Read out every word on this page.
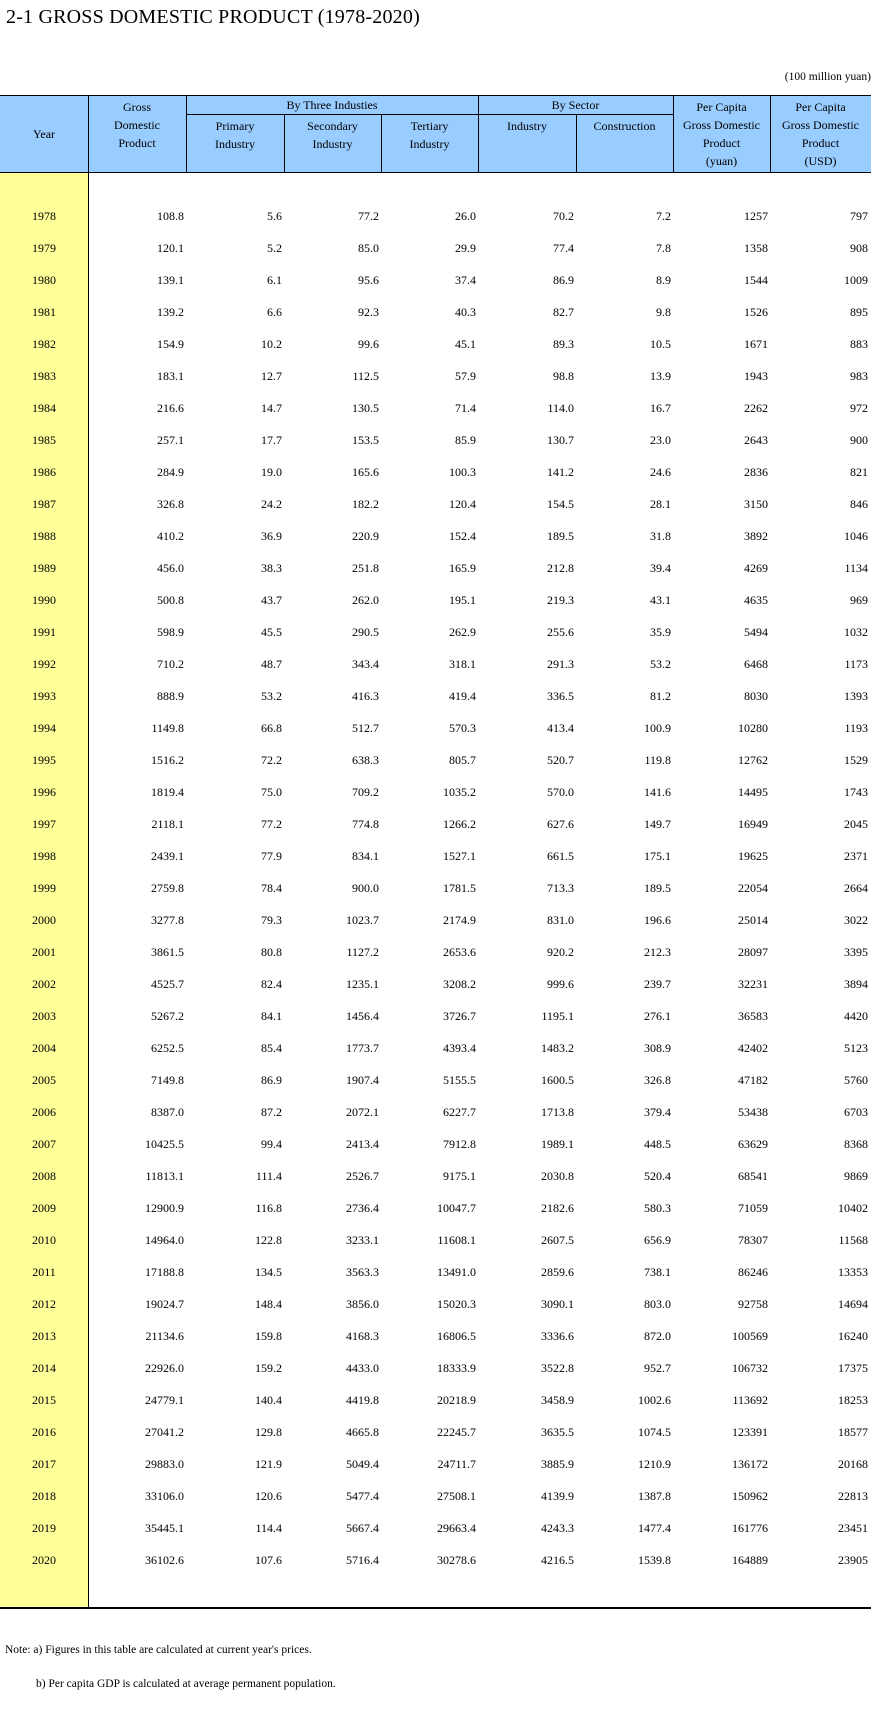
2-1 GROSS DOMESTIC PRODUCT (1978-2020)
(100 million yuan)
Year
Gross
Domestic
Product
By Three Industies
Primary
Industry
Secondary
Industry
Tertiary
Industry
By Sector
Industry	Construction
Per Capita
Gross Domestic
Product
(yuan)
Per Capita
Gross Domestic
Product
(USD)
1978	108.8	5.6	77.2	26.0	70.2	7.2	1257	797
1979	120.1	5.2	85.0	29.9	77.4	7.8	1358	908
1980	139.1	6.1	95.6	37.4	86.9	8.9	1544	1009
1981	139.2	6.6	92.3	40.3	82.7	9.8	1526	895
1982	154.9	10.2	99.6	45.1	89.3	10.5	1671	883
1983	183.1	12.7	112.5	57.9	98.8	13.9	1943	983
1984	216.6	14.7	130.5	71.4	114.0	16.7	2262	972
1985	257.1	17.7	153.5	85.9	130.7	23.0	2643	900
1986	284.9	19.0	165.6	100.3	141.2	24.6	2836	821
1987	326.8	24.2	182.2	120.4	154.5	28.1	3150	846
1988	410.2	36.9	220.9	152.4	189.5	31.8	3892	1046
1989	456.0	38.3	251.8	165.9	212.8	39.4	4269	1134
1990	500.8	43.7	262.0	195.1	219.3	43.1	4635	969
1991	598.9	45.5	290.5	262.9	255.6	35.9	5494	1032
1992	710.2	48.7	343.4	318.1	291.3	53.2	6468	1173
1993	888.9	53.2	416.3	419.4	336.5	81.2	8030	1393
1994	1149.8	66.8	512.7	570.3	413.4	100.9	10280	1193
1995	1516.2	72.2	638.3	805.7	520.7	119.8	12762	1529
1996	1819.4	75.0	709.2	1035.2	570.0	141.6	14495	1743
1997	2118.1	77.2	774.8	1266.2	627.6	149.7	16949	2045
1998	2439.1	77.9	834.1	1527.1	661.5	175.1	19625	2371
1999	2759.8	78.4	900.0	1781.5	713.3	189.5	22054	2664
2000	3277.8	79.3	1023.7	2174.9	831.0	196.6	25014	3022
2001	3861.5	80.8	1127.2	2653.6	920.2	212.3	28097	3395
2002	4525.7	82.4	1235.1	3208.2	999.6	239.7	32231	3894
2003	5267.2	84.1	1456.4	3726.7	1195.1	276.1	36583	4420
2004	6252.5	85.4	1773.7	4393.4	1483.2	308.9	42402	5123
2005	7149.8	86.9	1907.4	5155.5	1600.5	326.8	47182	5760
2006	8387.0	87.2	2072.1	6227.7	1713.8	379.4	53438	6703
2007	10425.5	99.4	2413.4	7912.8	1989.1	448.5	63629	8368
2008	11813.1	111.4	2526.7	9175.1	2030.8	520.4	68541	9869
2009	12900.9	116.8	2736.4	10047.7	2182.6	580.3	71059	10402
2010	14964.0	122.8	3233.1	11608.1	2607.5	656.9	78307	11568
2011	17188.8	134.5	3563.3	13491.0	2859.6	738.1	86246	13353
2012	19024.7	148.4	3856.0	15020.3	3090.1	803.0	92758	14694
2013	21134.6	159.8	4168.3	16806.5	3336.6	872.0	100569	16240
2014	22926.0	159.2	4433.0	18333.9	3522.8	952.7	106732	17375
2015	24779.1	140.4	4419.8	20218.9	3458.9	1002.6	113692	18253
2016	27041.2	129.8	4665.8	22245.7	3635.5	1074.5	123391	18577
2017	29883.0	121.9	5049.4	24711.7	3885.9	1210.9	136172	20168
2018	33106.0	120.6	5477.4	27508.1	4139.9	1387.8	150962	22813
2019	35445.1	114.4	5667.4	29663.4	4243.3	1477.4	161776	23451
2020	36102.6	107.6	5716.4	30278.6	4216.5	1539.8	164889	23905
Note: a) Figures in this table are calculated at current year's prices.
b) Per capita GDP is calculated at average permanent population.
